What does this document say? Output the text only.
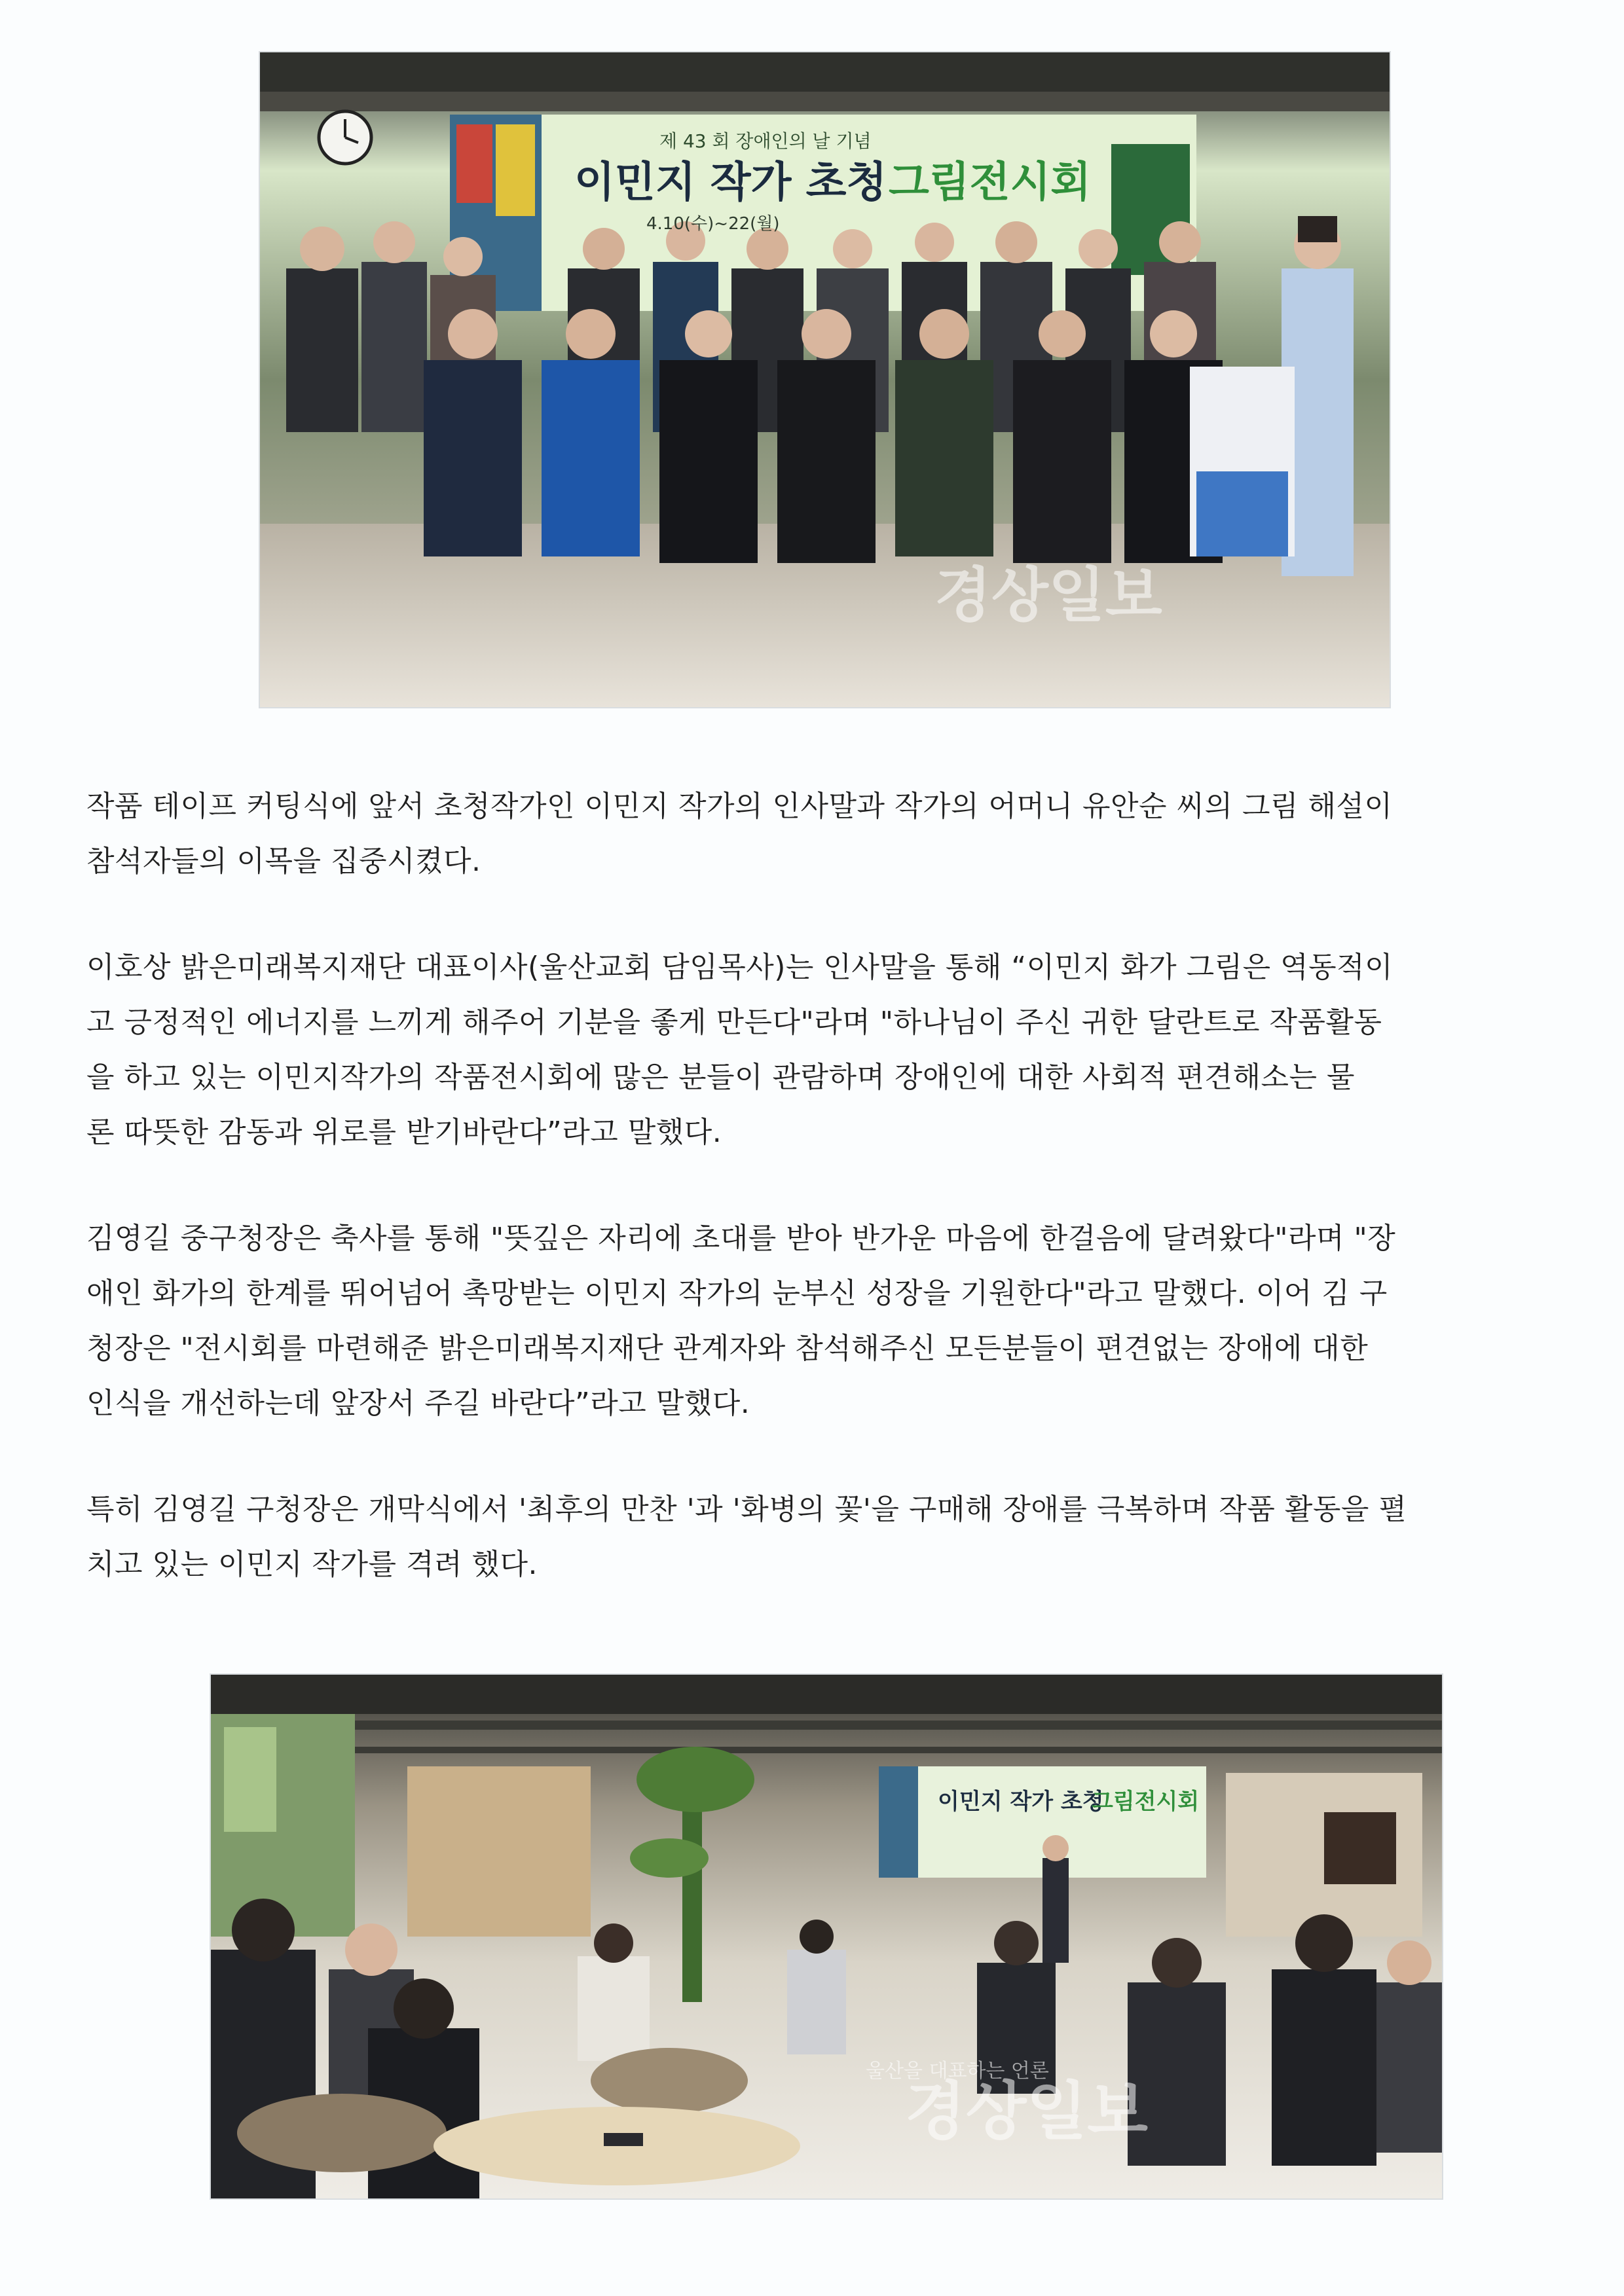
제 43 회 장애인의 날 기념
이민지 작가 초청 그림전시회
4.10(수)~22(월)
경상일보
작품 테이프 커팅식에 앞서 초청작가인 이민지 작가의 인사말과 작가의 어머니 유안순 씨의 그림 해설이
참석자들의 이목을 집중시켰다.
이호상 밝은미래복지재단 대표이사(울산교회 담임목사)는 인사말을 통해 “이민지 화가 그림은 역동적이
고 긍정적인 에너지를 느끼게 해주어 기분을 좋게 만든다"라며 "하나님이 주신 귀한 달란트로 작품활동
을 하고 있는 이민지작가의 작품전시회에 많은 분들이 관람하며 장애인에 대한 사회적 편견해소는 물
론 따뜻한 감동과 위로를 받기바란다”라고 말했다.
김영길 중구청장은 축사를 통해 "뜻깊은 자리에 초대를 받아 반가운 마음에 한걸음에 달려왔다"라며 "장
애인 화가의 한계를 뛰어넘어 촉망받는 이민지 작가의 눈부신 성장을 기원한다"라고 말했다. 이어 김 구
청장은 "전시회를 마련해준 밝은미래복지재단 관계자와 참석해주신 모든분들이 편견없는 장애에 대한
인식을 개선하는데 앞장서 주길 바란다”라고 말했다.
특히 김영길 구청장은 개막식에서 '최후의 만찬 '과 '화병의 꽃'을 구매해 장애를 극복하며 작품 활동을 펼
치고 있는 이민지 작가를 격려 했다.
이민지 작가 초청
그림전시회
울산을 대표하는 언론
경상일보
